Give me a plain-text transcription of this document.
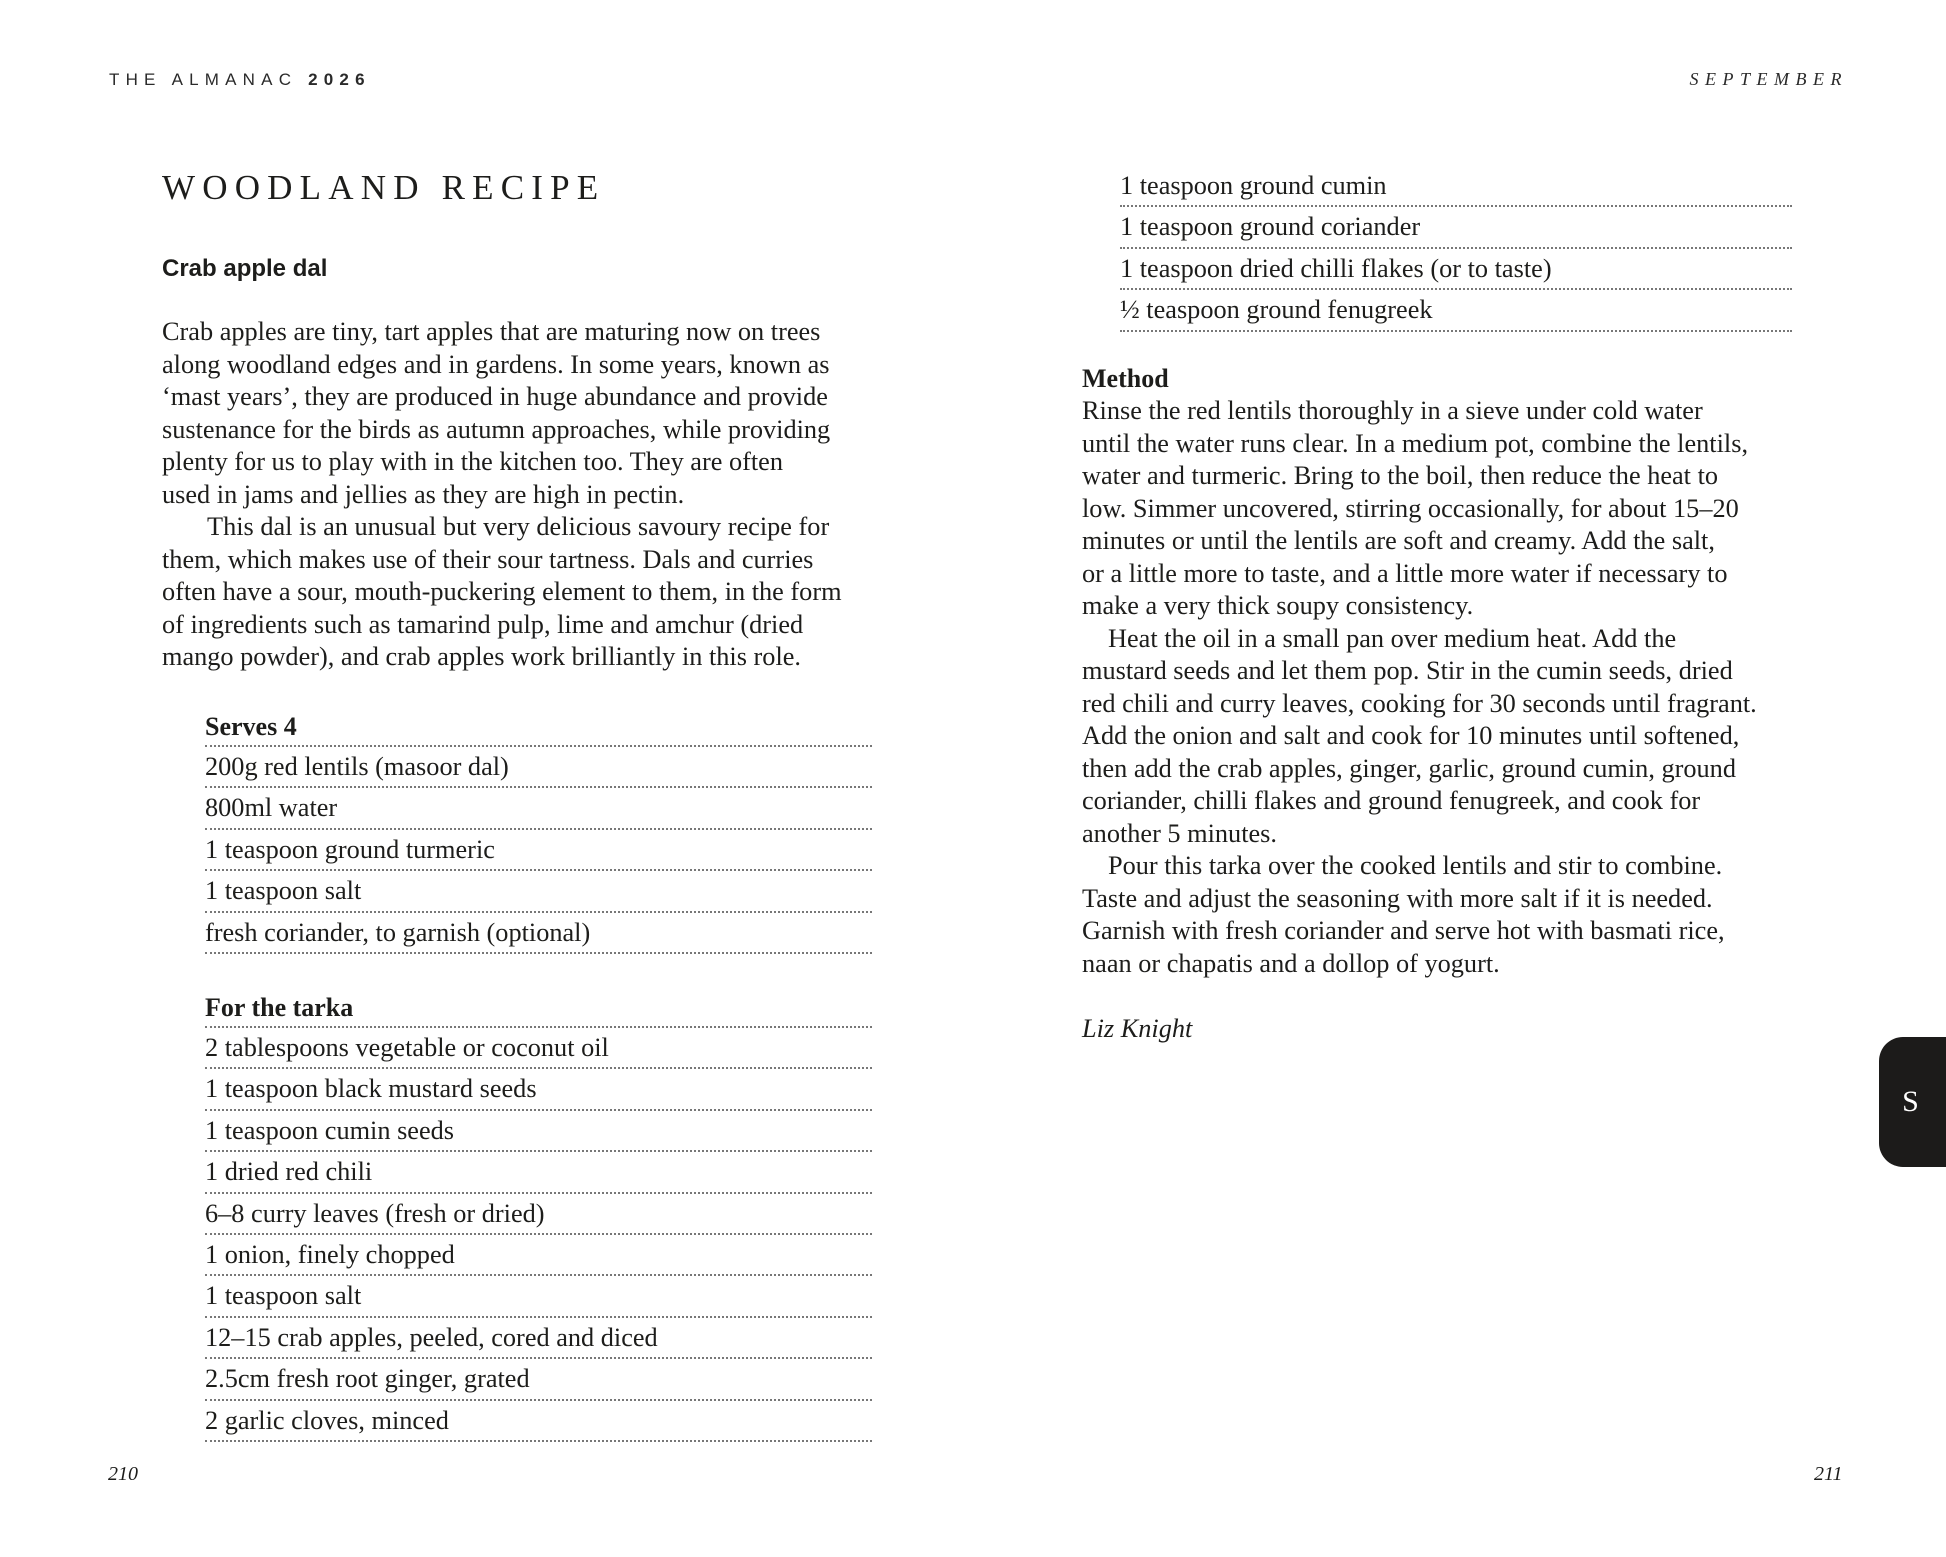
THE ALMANAC 2026
WOODLAND RECIPE
Crab apple dal

Crab apples are tiny, tart apples that are maturing now on trees
along woodland edges and in gardens. In some years, known as
‘mast years’, they are produced in huge abundance and provide
sustenance for the birds as autumn approaches, while providing
plenty for us to play with in the kitchen too. They are often
used in jams and jellies as they are high in pectin.

This dal is an unusual but very delicious savoury recipe for
them, which makes use of their sour tartness. Dals and curries
often have a sour, mouth-puckering element to them, in the form
of ingredients such as tamarind pulp, lime and amchur (dried
mango powder), and crab apples work brilliantly in this role.

Serves 4
200g red lentils (masoor dal)
800ml water
1 teaspoon ground turmeric
1 teaspoon salt
fresh coriander, to garnish (optional)
For the tarka
2 tablespoons vegetable or coconut oil
1 teaspoon black mustard seeds
1 teaspoon cumin seeds
1 dried red chili
6–8 curry leaves (fresh or dried)
1 onion, finely chopped
1 teaspoon salt
12–15 crab apples, peeled, cored and diced
2.5cm fresh root ginger, grated
2 garlic cloves, minced
210
SEPTEMBER
1 teaspoon ground cumin
1 teaspoon ground coriander
1 teaspoon dried chilli flakes (or to taste)
½ teaspoon ground fenugreek
Method

Rinse the red lentils thoroughly in a sieve under cold water
until the water runs clear. In a medium pot, combine the lentils,
water and turmeric. Bring to the boil, then reduce the heat to
low. Simmer uncovered, stirring occasionally, for about 15–20
minutes or until the lentils are soft and creamy. Add the salt,
or a little more to taste, and a little more water if necessary to
make a very thick soupy consistency.

Heat the oil in a small pan over medium heat. Add the
mustard seeds and let them pop. Stir in the cumin seeds, dried
red chili and curry leaves, cooking for 30 seconds until fragrant.
Add the onion and salt and cook for 10 minutes until softened,
then add the crab apples, ginger, garlic, ground cumin, ground
coriander, chilli flakes and ground fenugreek, and cook for
another 5 minutes.

Pour this tarka over the cooked lentils and stir to combine.
Taste and adjust the seasoning with more salt if it is needed.
Garnish with fresh coriander and serve hot with basmati rice,
naan or chapatis and a dollop of yogurt.

Liz Knight
S
211
